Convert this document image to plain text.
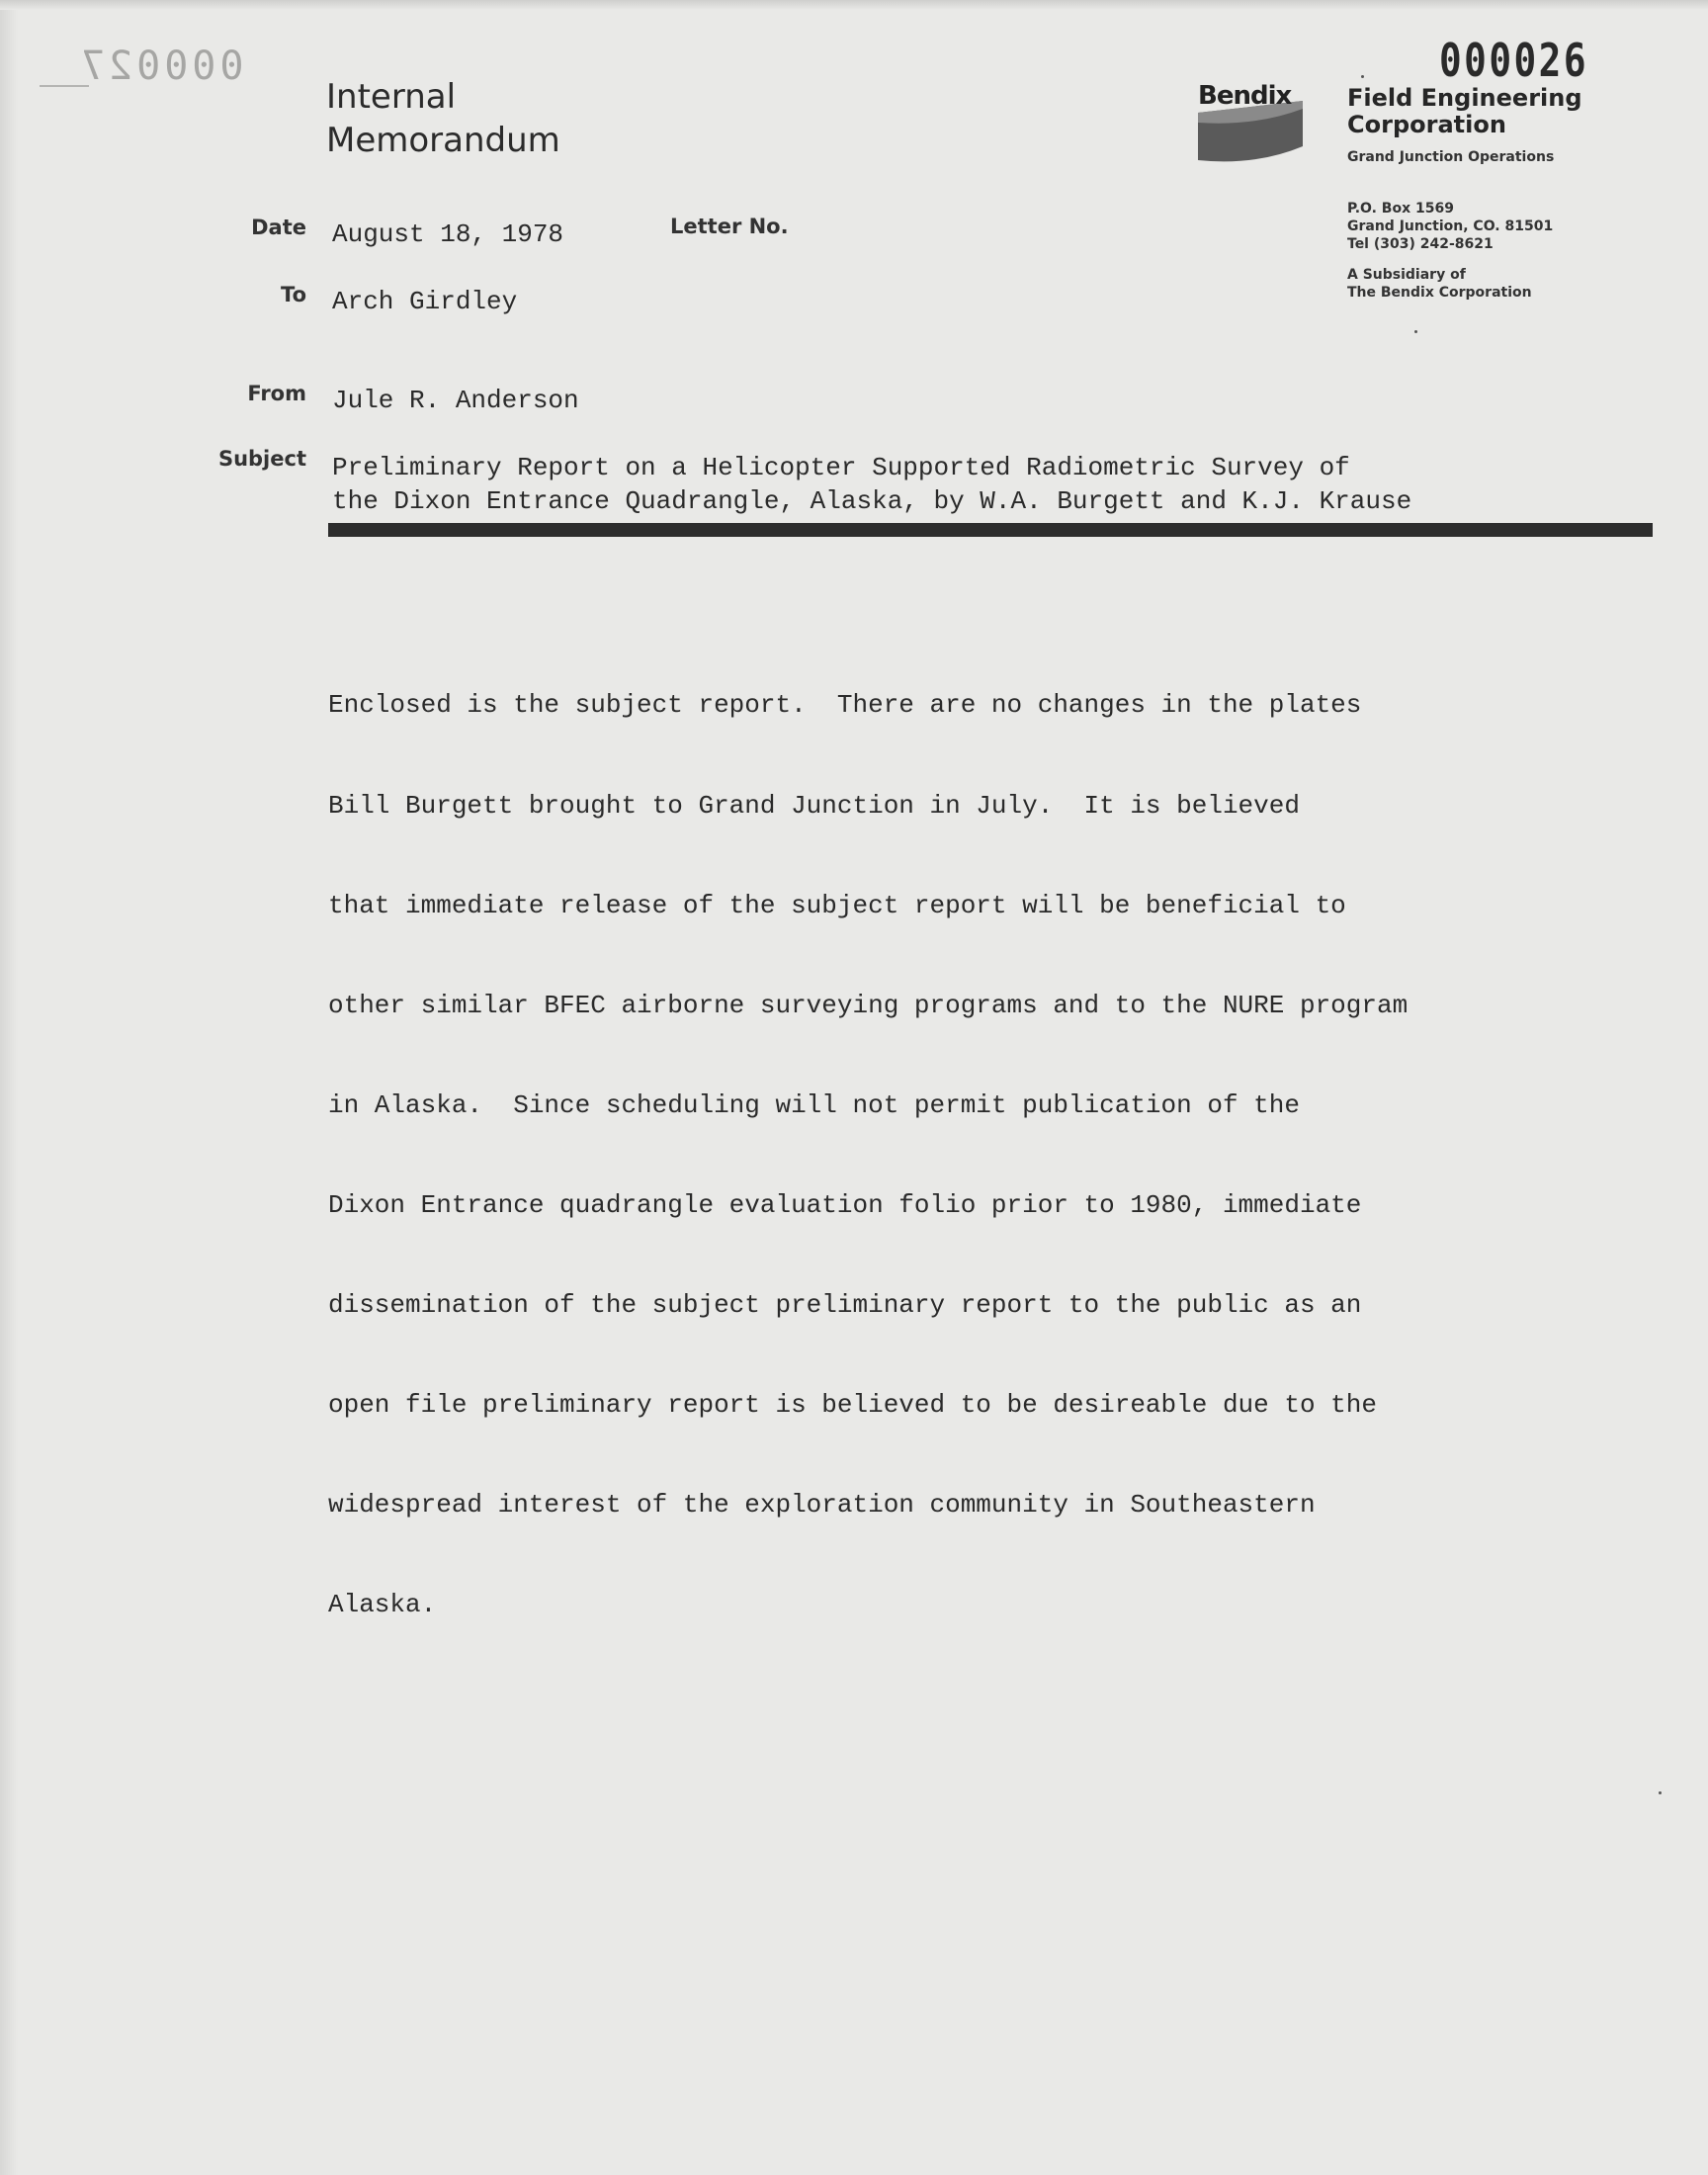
000027	000026
Internal
Memorandum
Bendix Field Engineering
Corporation
Grand Junction Operations
P.O. Box 1569
Grand Junction, CO. 81501
Tel (303) 242-8621
A Subsidiary of
The Bendix Corporation
Date August 18, 1978	Letter No.
To Arch Girdley
From Jule R. Anderson
Subject Preliminary Report on a Helicopter Supported Radiometric Survey of
the Dixon Entrance Quadrangle, Alaska, by W.A. Burgett and K.J. Krause

Enclosed is the subject report.  There are no changes in the plates

Bill Burgett brought to Grand Junction in July.  It is believed

that immediate release of the subject report will be beneficial to

other similar BFEC airborne surveying programs and to the NURE program

in Alaska.  Since scheduling will not permit publication of the

Dixon Entrance quadrangle evaluation folio prior to 1980, immediate

dissemination of the subject preliminary report to the public as an

open file preliminary report is believed to be desireable due to the

widespread interest of the exploration community in Southeastern

Alaska.
